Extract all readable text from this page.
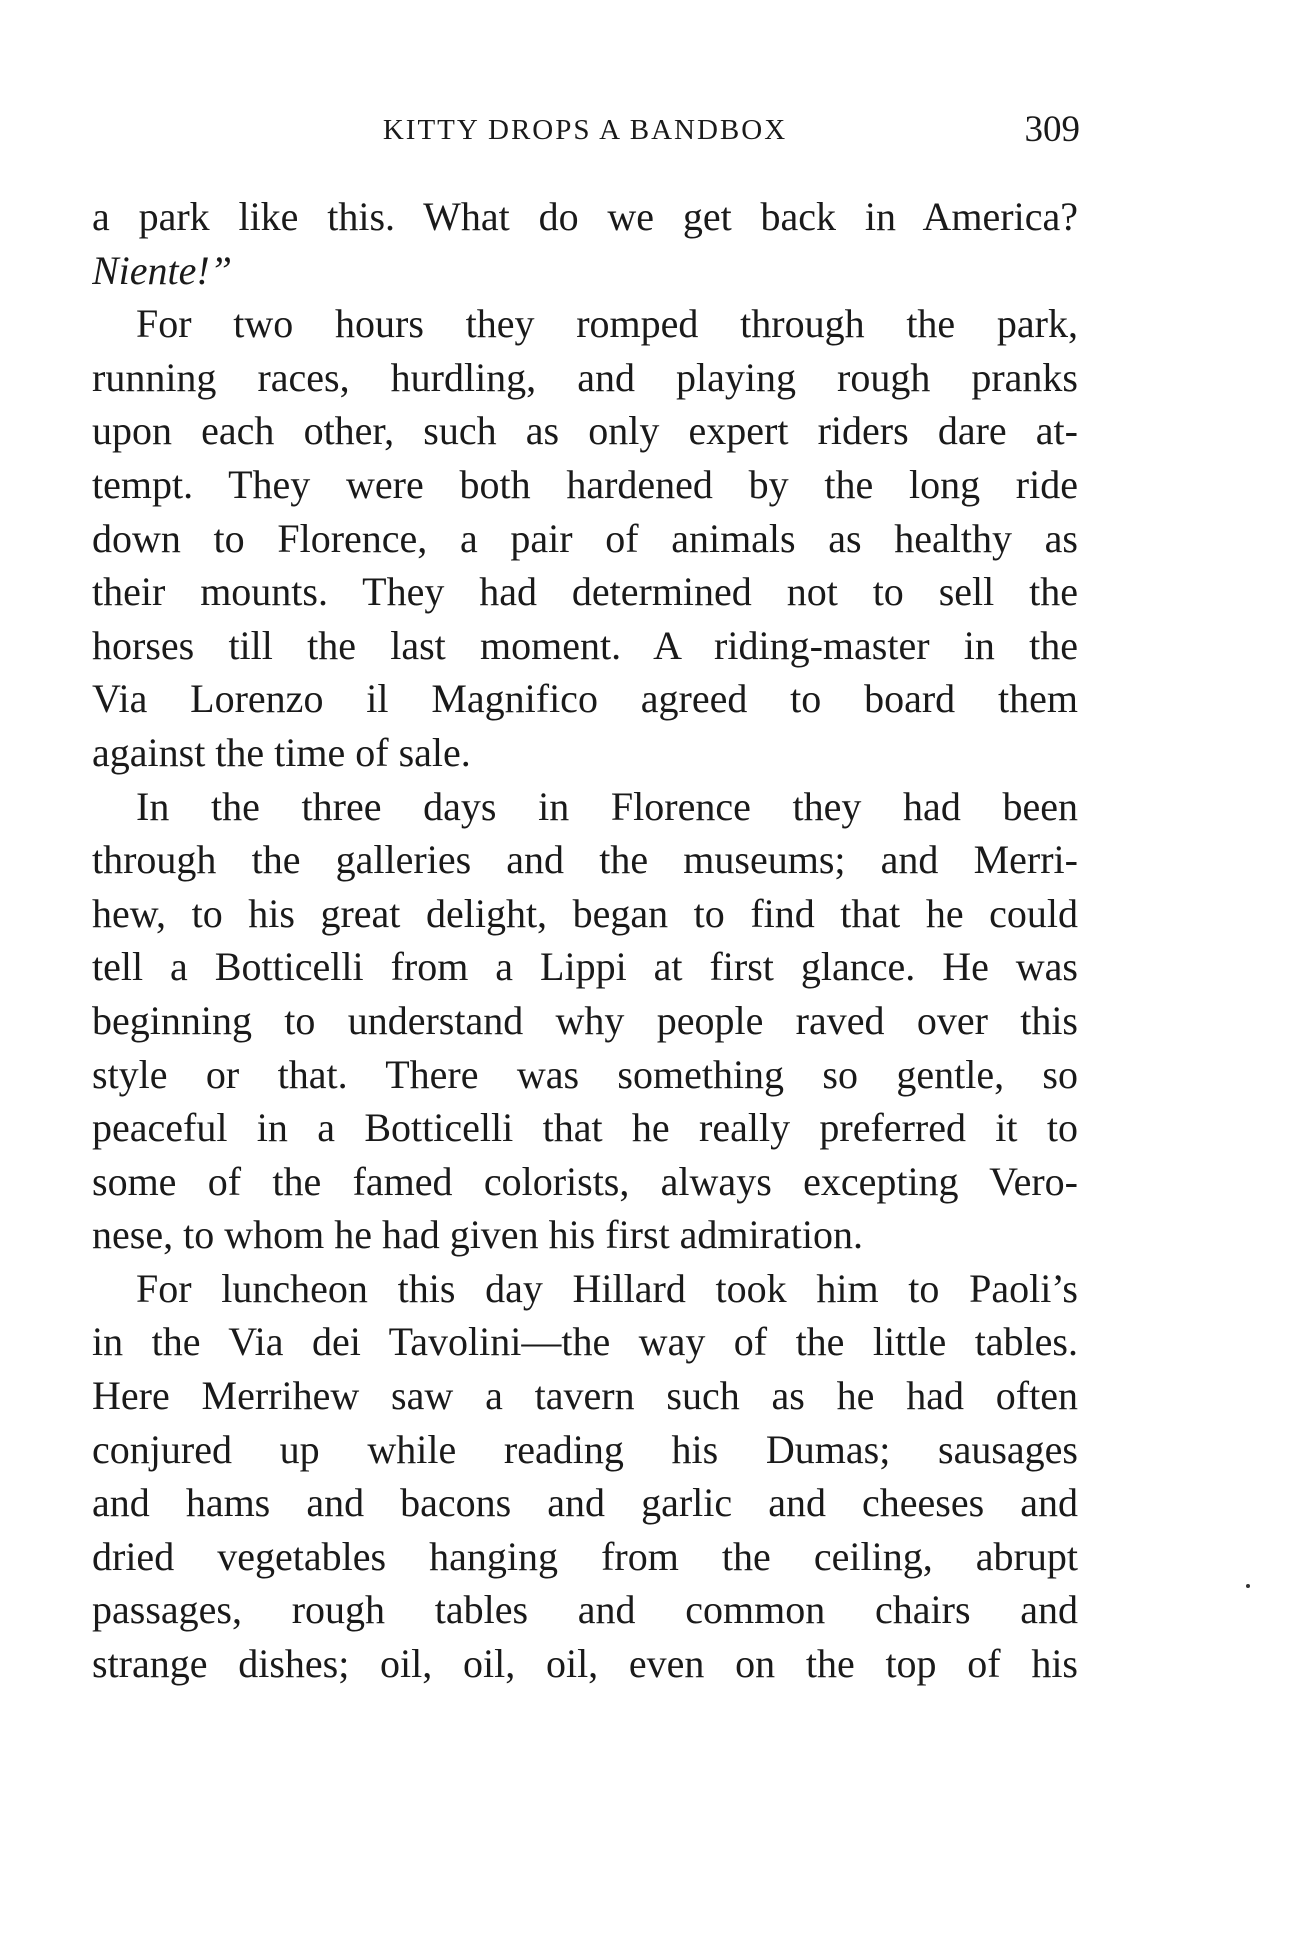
KITTY DROPS A BANDBOX	309
a park like this. What do we get back in America?
Niente!”
For two hours they romped through the park,
running races, hurdling, and playing rough pranks
upon each other, such as only expert riders dare at-
tempt. They were both hardened by the long ride
down to Florence, a pair of animals as healthy as
their mounts. They had determined not to sell the
horses till the last moment. A riding-master in the
Via Lorenzo il Magnifico agreed to board them
against the time of sale.
In the three days in Florence they had been
through the galleries and the museums; and Merri-
hew, to his great delight, began to find that he could
tell a Botticelli from a Lippi at first glance. He was
beginning to understand why people raved over this
style or that. There was something so gentle, so
peaceful in a Botticelli that he really preferred it to
some of the famed colorists, always excepting Vero-
nese, to whom he had given his first admiration.
For luncheon this day Hillard took him to Paoli’s
in the Via dei Tavolini—the way of the little tables.
Here Merrihew saw a tavern such as he had often
conjured up while reading his Dumas; sausages
and hams and bacons and garlic and cheeses and
dried vegetables hanging from the ceiling, abrupt
passages, rough tables and common chairs and
strange dishes; oil, oil, oil, even on the top of his
